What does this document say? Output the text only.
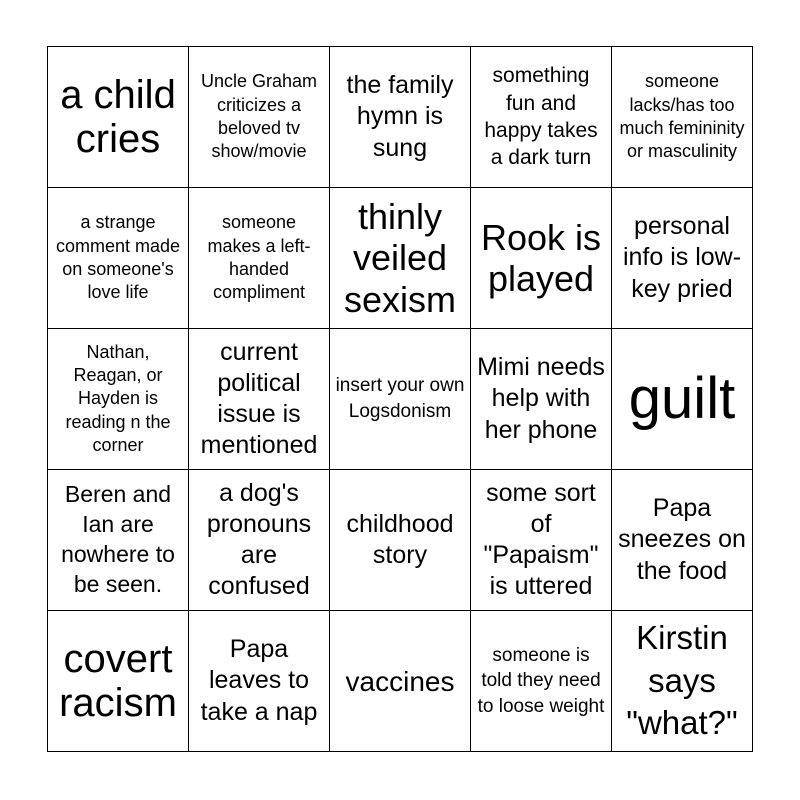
a child cries
Uncle Graham criticizes a beloved tv show/movie
the family hymn is sung
something fun and happy takes a dark turn
someone lacks/has too much femininity or masculinity
a strange comment made on someone's love life
someone makes a left-handed compliment
thinly veiled sexism
Rook is played
personal info is low-key pried
Nathan, Reagan, or Hayden is reading n the corner
current political issue is mentioned
insert your own Logsdonism
Mimi needs help with her phone guilt
Beren and Ian are nowhere to be seen.
a dog's pronouns are confused
childhood story
some sort of "Papaism" is uttered
Papa sneezes on the food
covert racism
Papa leaves to take a nap
vaccines
someone is told they need to loose weight
Kirstin says "what?"
